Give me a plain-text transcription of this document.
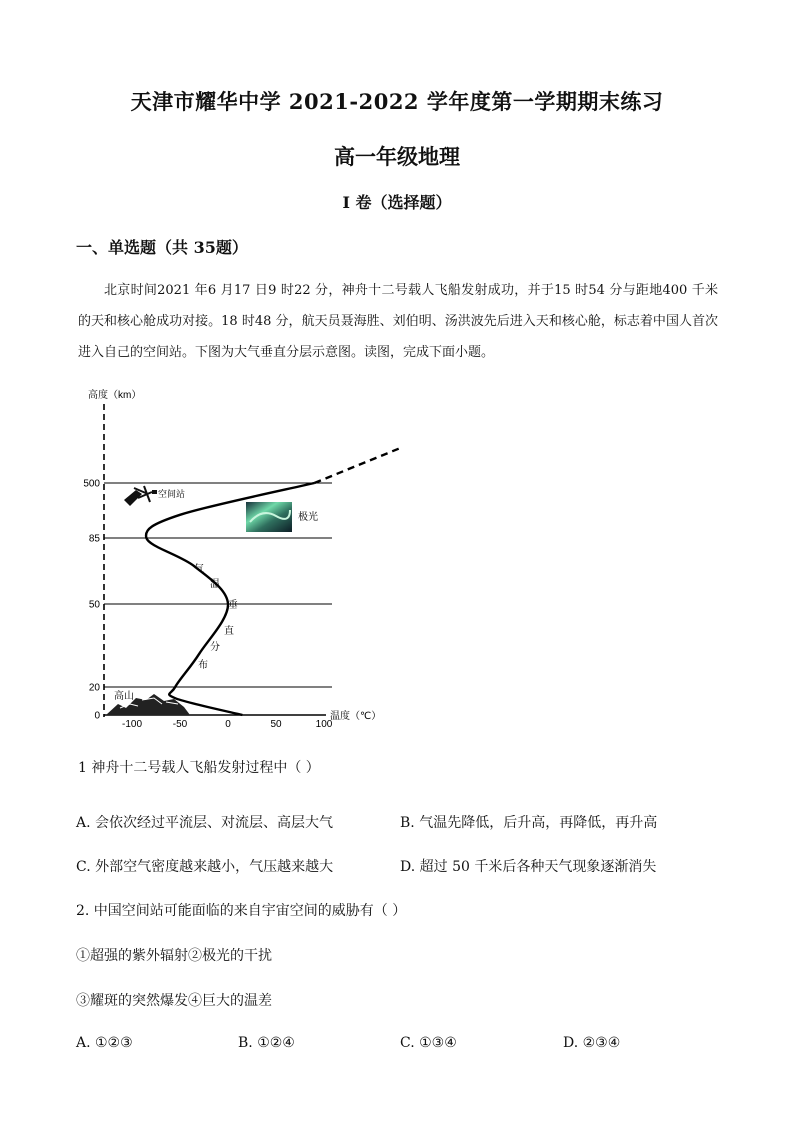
天津市耀华中学 2021-2022 学年度第一学期期末练习
高一年级地理
I 卷（选择题）
一、单选题（共 35题）
北京时间2021 年6 月17 日9 时22 分，神舟十二号载人飞船发射成功，并于15 时54 分与距地400 千米的天和核心舱成功对接。18 时48 分，航天员聂海胜、刘伯明、汤洪波先后进入天和核心舱，标志着中国人首次进入自己的空间站。下图为大气垂直分层示意图。读图，完成下面小题。
高度（km）
温度（℃）
0
20
50
85
500
-100	-50	0	50	100
高山
空间站
极光
气
温
垂
直
分
布
1 神舟十二号载人飞船发射过程中（ ）
A. 会依次经过平流层、对流层、高层大气	B. 气温先降低，后升高，再降低，再升高
C. 外部空气密度越来越小，气压越来越大	D. 超过 50 千米后各种天气现象逐渐消失
2. 中国空间站可能面临的来自宇宙空间的威胁有（ ）
①超强的紫外辐射②极光的干扰
③耀斑的突然爆发④巨大的温差
A. ①②③	B. ①②④	C. ①③④	D. ②③④
